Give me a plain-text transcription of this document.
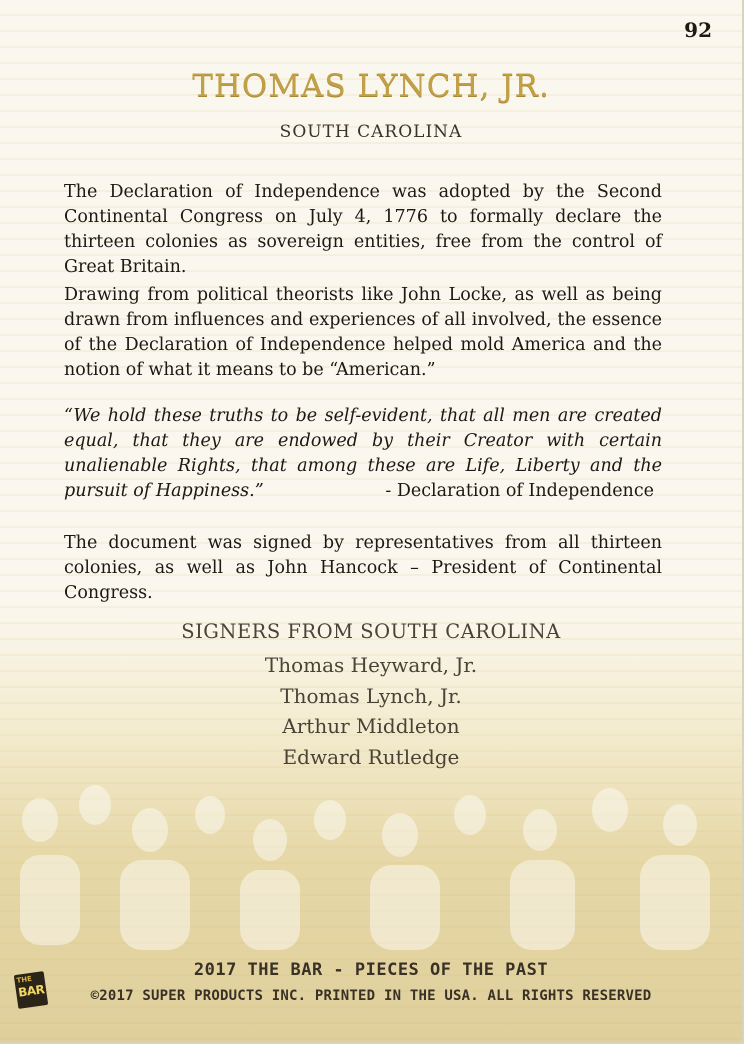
92
THOMAS LYNCH, JR.
SOUTH CAROLINA

The Declaration of Independence was adopted by the Second Continental Congress on July 4, 1776 to formally declare the thirteen colonies as sovereign entities, free from the control of Great Britain.

Drawing from political theorists like John Locke, as well as being drawn from influences and experiences of all involved, the essence of the Declaration of Independence helped mold America and the notion of what it means to be “American.”

“We hold these truths to be self-evident, that all men are created equal, that they are endowed by their Creator with certain unalienable Rights, that among these are Life, Liberty and the pursuit of Happiness.”	- Declaration of Independence

The document was signed by representatives from all thirteen colonies, as well as John Hancock – President of Continental Congress.

SIGNERS FROM SOUTH CAROLINA
Thomas Heyward, Jr.
Thomas Lynch, Jr.
Arthur Middleton
Edward Rutledge
THE
BAR
2017 THE BAR - PIECES OF THE PAST
©2017 SUPER PRODUCTS INC. PRINTED IN THE USA. ALL RIGHTS RESERVED
